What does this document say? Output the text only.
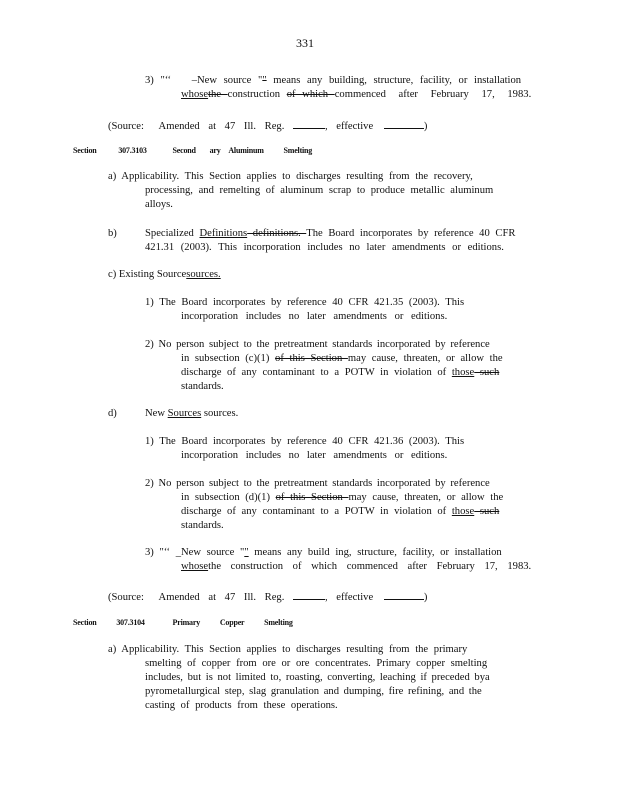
331
3) "‘‘ –New source "" means any building, structure, facility, or installation
whosethe construction of which commenced after February 17, 1983.
(Source: Amended at 47 Ill. Reg.	, effective	)
Section	307.3103	Second ary Aluminum Smelting
a) Applicability. This Section applies to discharges resulting from the recovery,
processing, and remelting of aluminum scrap to produce metallic aluminum
alloys.
b)	Specialized Definitions definitions. The Board incorporates by reference 40 CFR
421.31 (2003). This incorporation includes no later amendments or editions.
c) Existing Sourcesources.
1) The Board incorporates by reference 40 CFR 421.35 (2003). This
incorporation includes no later amendments or editions.
2) No person subject to the pretreatment standards incorporated by reference
in subsection (c)(1) of this Section may cause, threaten, or allow the
discharge of any contaminant to a POTW in violation of those such
standards.
d)	New Sources sources.
1) The Board incorporates by reference 40 CFR 421.36 (2003). This
incorporation includes no later amendments or editions.
2) No person subject to the pretreatment standards incorporated by reference
in subsection (d)(1) of this Section may cause, threaten, or allow the
discharge of any contaminant to a POTW in violation of those such
standards.
3) "‘‘ _New source "" means any build ing, structure, facility, or installation
whosethe construction of which commenced after February 17, 1983.
(Source: Amended at 47 Ill. Reg.	, effective	)
Section 307.3104	Primary Copper Smelting
a) Applicability. This Section applies to discharges resulting from the primary
smelting of copper from ore or ore concentrates. Primary copper smelting
includes, but is not limited to, roasting, converting, leaching if preceded bya
pyrometallurgical step, slag granulation and dumping, fire refining, and the
casting of products from these operations.
